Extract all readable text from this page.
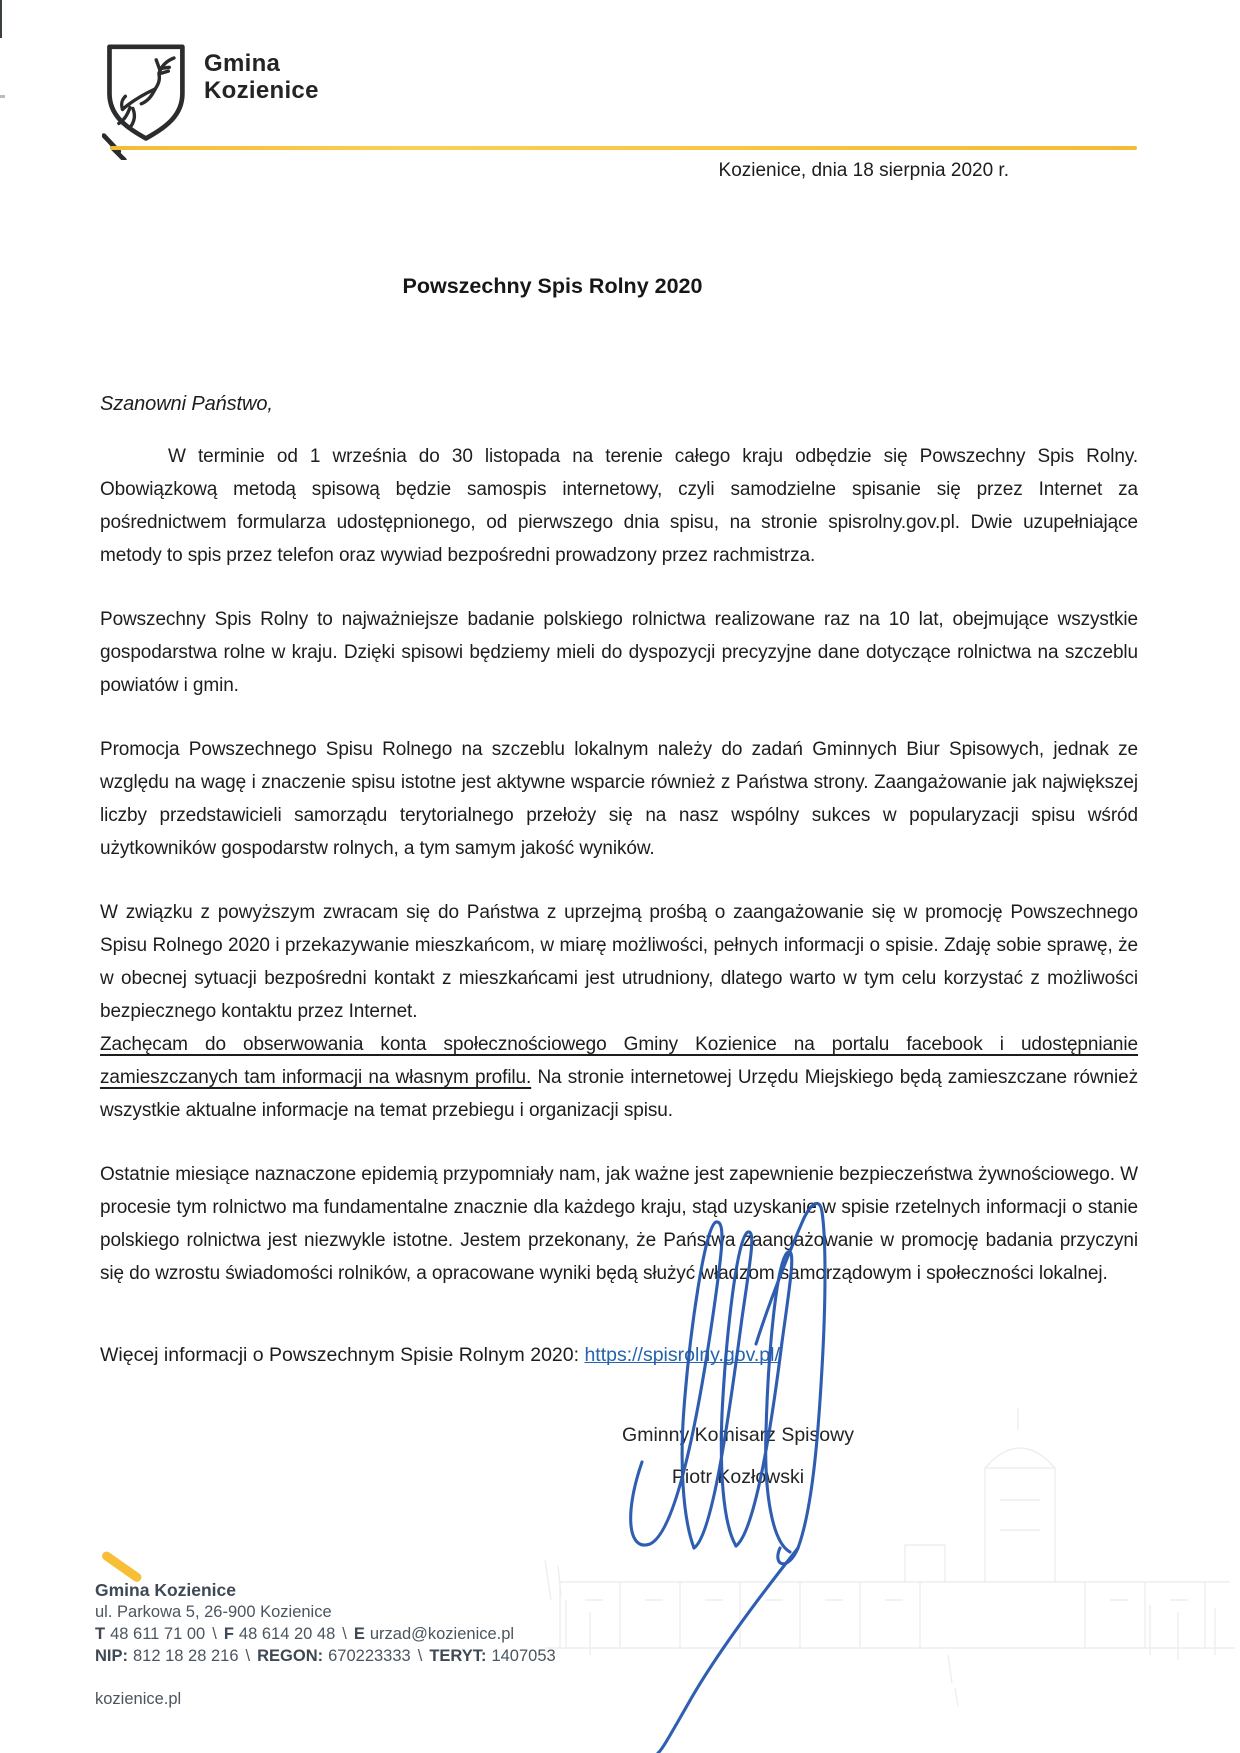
Gmina
Kozienice
Kozienice, dnia 18 sierpnia 2020 r.
Powszechny Spis Rolny 2020

Szanowni Państwo,

W terminie od 1 września do 30 listopada na terenie całego kraju odbędzie się Powszechny Spis Rolny. Obowiązkową metodą spisową będzie samospis internetowy, czyli samodzielne spisanie się przez Internet za pośrednictwem formularza udostępnionego, od pierwszego dnia spisu, na stronie spisrolny.gov.pl. Dwie uzupełniające metody to spis przez telefon oraz wywiad bezpośredni prowadzony przez rachmistrza.

Powszechny Spis Rolny to najważniejsze badanie polskiego rolnictwa realizowane raz na 10 lat, obejmujące wszystkie gospodarstwa rolne w kraju. Dzięki spisowi będziemy mieli do dyspozycji precyzyjne dane dotyczące rolnictwa na szczeblu powiatów i gmin.

Promocja Powszechnego Spisu Rolnego na szczeblu lokalnym należy do zadań Gminnych Biur Spisowych, jednak ze względu na wagę i znaczenie spisu istotne jest aktywne wsparcie również z Państwa strony. Zaangażowanie jak największej liczby przedstawicieli samorządu terytorialnego przełoży się na nasz wspólny sukces w popularyzacji spisu wśród użytkowników gospodarstw rolnych, a tym samym jakość wyników.

W związku z powyższym zwracam się do Państwa z uprzejmą prośbą o zaangażowanie się w promocję Powszechnego Spisu Rolnego 2020 i przekazywanie mieszkańcom, w miarę możliwości, pełnych informacji o spisie. Zdaję sobie sprawę, że w obecnej sytuacji bezpośredni kontakt z mieszkańcami jest utrudniony, dlatego warto w tym celu korzystać z możliwości bezpiecznego kontaktu przez Internet.

Zachęcam do obserwowania konta społecznościowego Gminy Kozienice na portalu facebook i udostępnianie zamieszczanych tam informacji na własnym profilu. Na stronie internetowej Urzędu Miejskiego będą zamieszczane również wszystkie aktualne informacje na temat przebiegu i organizacji spisu.

Ostatnie miesiące naznaczone epidemią przypomniały nam, jak ważne jest zapewnienie bezpieczeństwa żywnościowego. W procesie tym rolnictwo ma fundamentalne znacznie dla każdego kraju, stąd uzyskanie w spisie rzetelnych informacji o stanie polskiego rolnictwa jest niezwykle istotne. Jestem przekonany, że Państwa zaangażowanie w promocję badania przyczyni się do wzrostu świadomości rolników, a opracowane wyniki będą służyć władzom samorządowym i społeczności lokalnej.

Więcej informacji o Powszechnym Spisie Rolnym 2020: https://spisrolny.gov.pl/
Gminny Komisarz Spisowy
Piotr Kozłowski
Gmina Kozienice
ul. Parkowa 5, 26-900 Kozienice
T 48 611 71 00 \ F 48 614 20 48 \ E urzad@kozienice.pl
NIP: 812 18 28 216 \ REGON: 670223333 \ TERYT: 1407053
kozienice.pl
